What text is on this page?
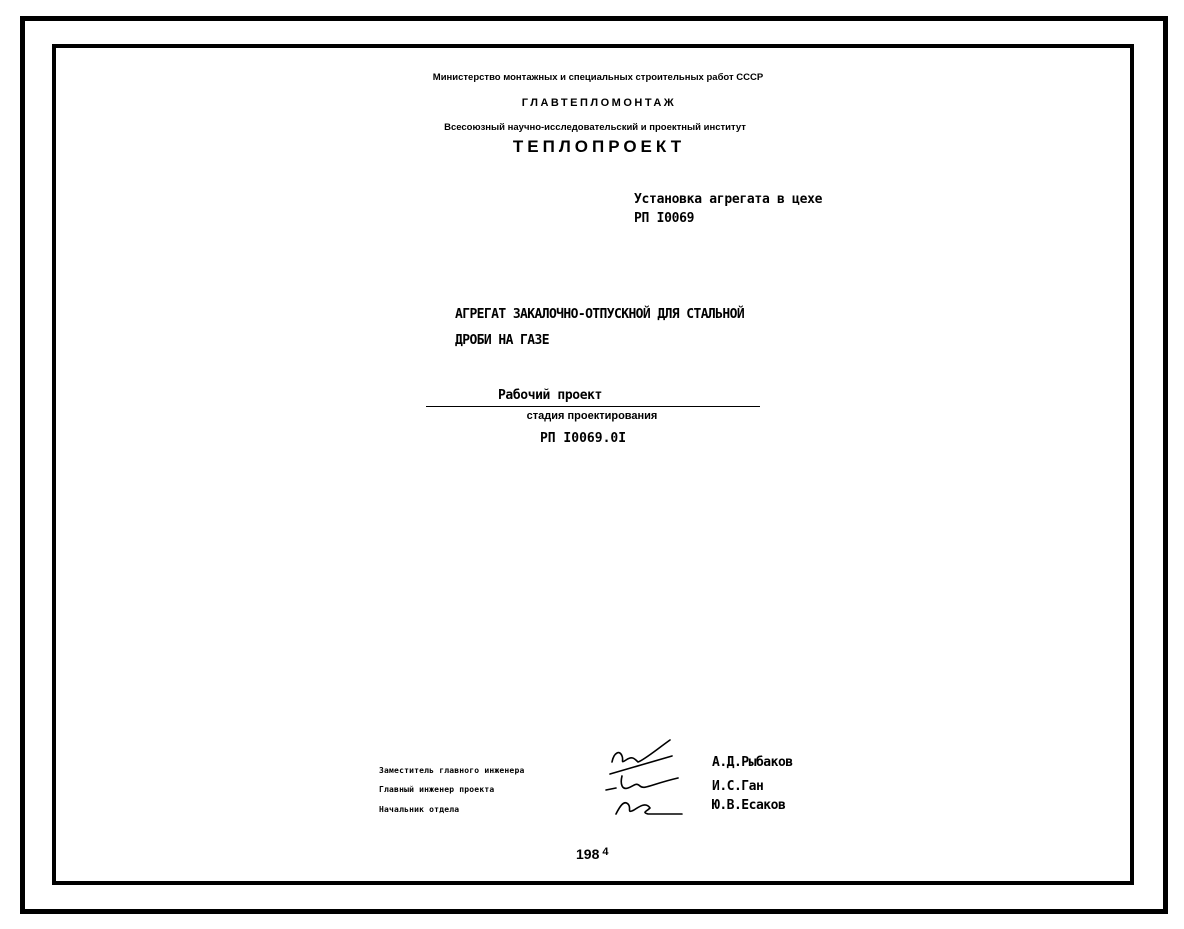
Министерство монтажных и специальных строительных работ СССР
ГЛАВТЕПЛОМОНТАЖ
Всесоюзный научно-исследовательский и проектный институт
ТЕПЛОПРОЕКТ
Установка агрегата в цехе
РП I0069
АГРЕГАТ ЗАКАЛОЧНО-ОТПУСКНОЙ ДЛЯ СТАЛЬНОЙ
ДРОБИ НА ГАЗЕ
Рабочий проект
стадия проектирования
РП I0069.0I
Заместитель главного инженера
Главный инженер проекта
Начальник отдела
А.Д.Рыбаков
И.С.Ган
Ю.В.Есаков
198 $^4$
